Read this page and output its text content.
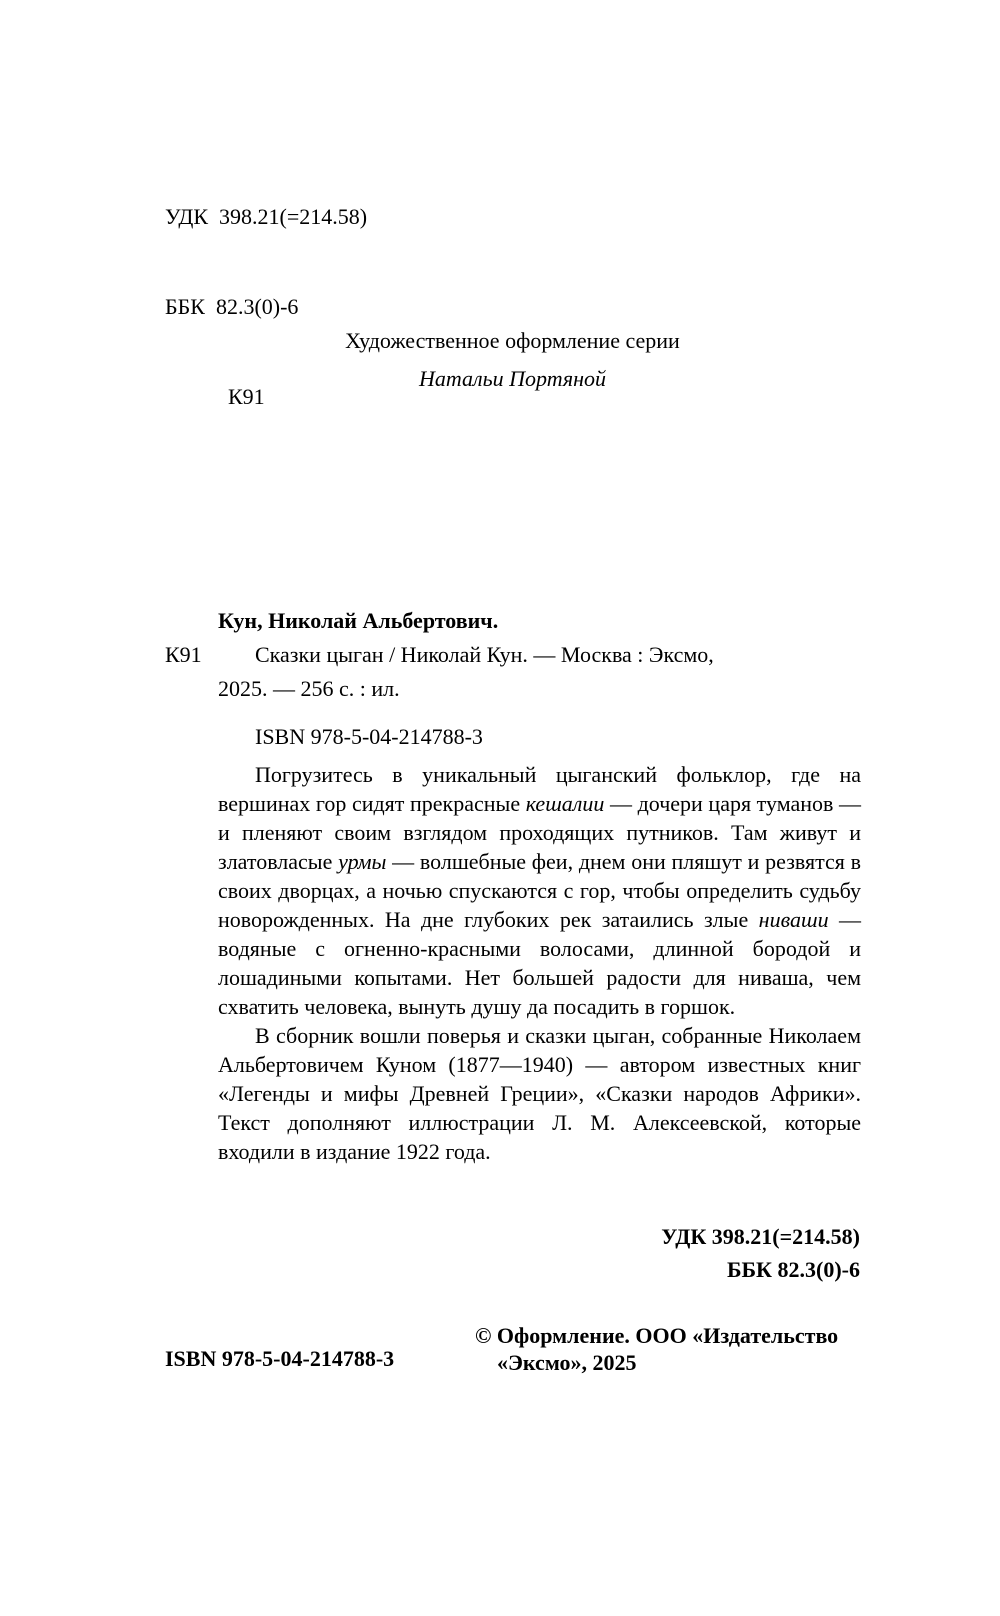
УДК  398.21(=214.58)

ББК  82.3(0)-6

К91

Художественное оформление серии
Натальи Портяной
Кун, Николай Альбертович.
К91	Сказки цыган / Николай Кун. — Москва : Эксмо,
2025. — 256 с. : ил.
ISBN 978-5-04-214788-3

Погрузитесь в уникальный цыганский фольклор, где на вершинах гор сидят прекрасные кешалии — дочери царя туманов — и пленяют своим взглядом проходящих путников. Там живут и златовласые урмы — волшебные феи, днем они пляшут и резвятся в своих дворцах, а ночью спускаются с гор, чтобы определить судьбу новорожденных. На дне глубоких рек затаились злые ниваши — водяные с огненно-красными волосами, длинной бородой и лошадиными копытами. Нет большей радости для ниваша, чем схватить человека, вынуть душу да посадить в горшок.

В сборник вошли поверья и сказки цыган, собранные Николаем Альбертовичем Куном (1877—1940) — автором известных книг «Легенды и мифы Древней Греции», «Сказки народов Африки». Текст дополняют иллюстрации Л. М. Алексеевской, которые входили в издание 1922 года.

УДК 398.21(=214.58)
ББК 82.3(0)-6
ISBN 978-5-04-214788-3
© Оформление. ООО «Издательство
«Эксмо», 2025
